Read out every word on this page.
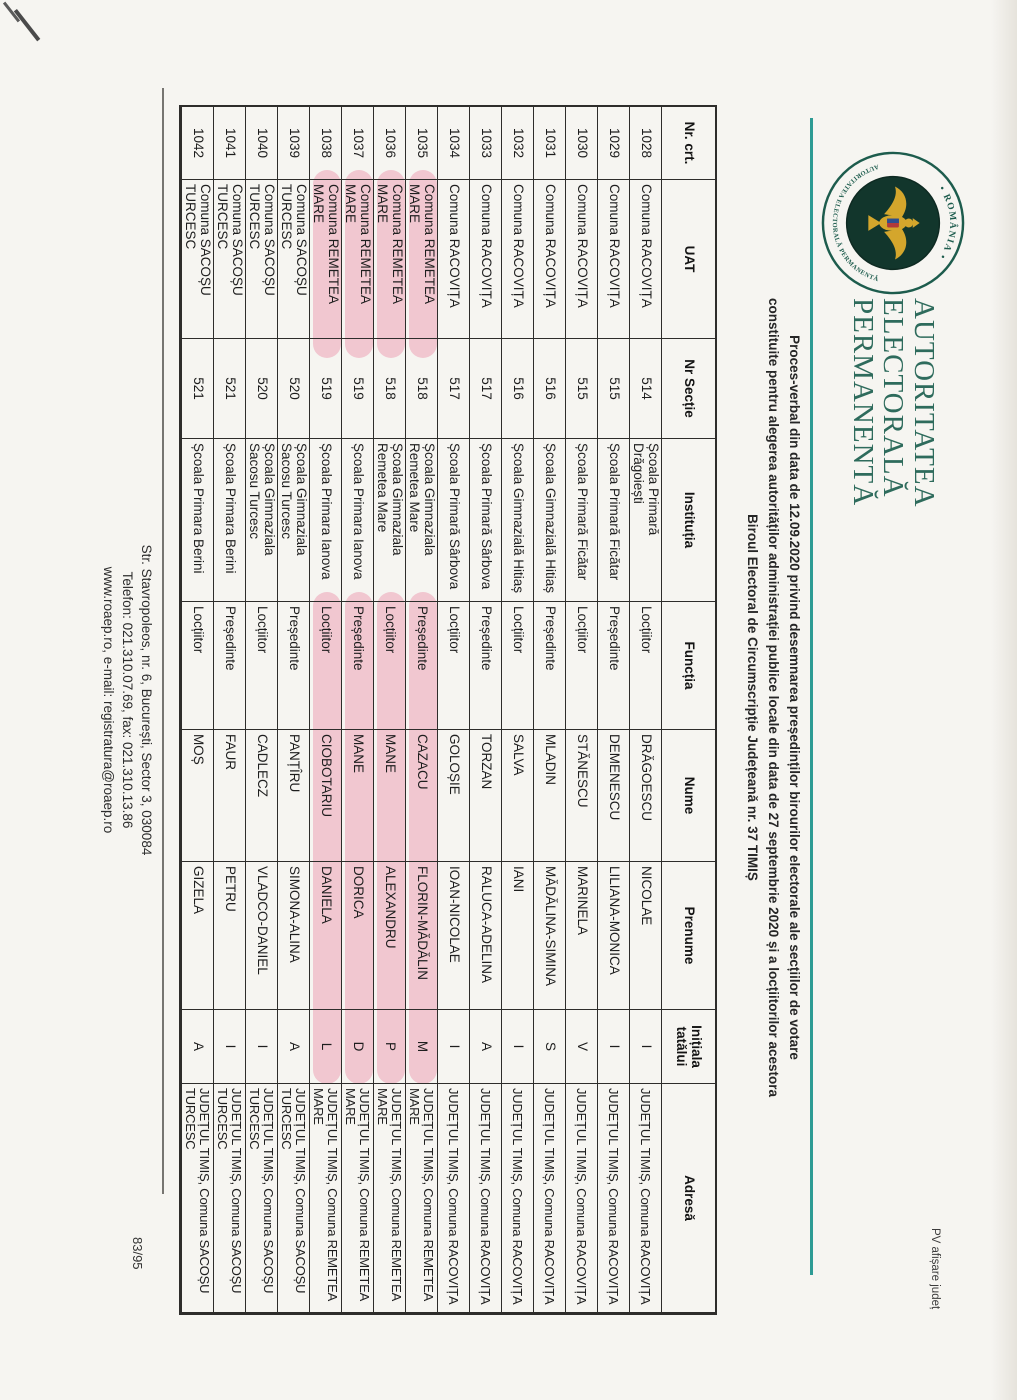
• ROMÂNIA •
AUTORITATEA ELECTORALĂ PERMANENTĂ
AUTORITATEA
ELECTORALĂ
PERMANENTĂ
PV afișare județ
Proces-verbal din data de 12.09.2020 privind desemnarea președinților birourilor electorale ale secțiilor de votare
constituite pentru alegerea autorităților administrației publice locale din data de 27 septembrie 2020 și a locțiitorilor acestora
Biroul Electoral de Circumscripție Județeană nr. 37 TIMIȘ
Nr. crt.
UAT
Nr Secție
Instituția
Funcția
Nume
Prenume
Inițiala tatălui
Adresă
1028
Comuna RACOVIȚA
514
Școala Primară Drăgoiești
Locțiitor
DRĂGOESCU
NICOLAE
I
JUDEȚUL TIMIȘ, Comuna RACOVIȚA
1029
Comuna RACOVIȚA
515
Școala Primară Ficătar
Președinte
DEMENESCU
LILIANA-MONICA
I
JUDEȚUL TIMIȘ, Comuna RACOVIȚA
1030
Comuna RACOVIȚA
515
Școala Primară Ficătar
Locțiitor
STĂNESCU
MARINELA
V
JUDEȚUL TIMIȘ, Comuna RACOVIȚA
1031
Comuna RACOVIȚA
516
Școala Gimnazială Hitiaș
Președinte
MLADIN
MĂDĂLINA-SIMINA
S
JUDEȚUL TIMIȘ, Comuna RACOVIȚA
1032
Comuna RACOVIȚA
516
Școala Gimnazială Hitiaș
Locțiitor
SALVA
IANI
I
JUDEȚUL TIMIȘ, Comuna RACOVIȚA
1033
Comuna RACOVIȚA
517
Școala Primară Sârbova
Președinte
TORZAN
RALUCA-ADELINA
A
JUDEȚUL TIMIȘ, Comuna RACOVIȚA
1034
Comuna RACOVIȚA
517
Școala Primară Sârbova
Locțiitor
GOLOȘIE
IOAN-NICOLAE
I
JUDEȚUL TIMIȘ, Comuna RACOVIȚA
1035
Comuna REMETEA MARE
518
Școala Gimnaziala Remetea Mare
Președinte
CAZACU
FLORIN-MĂDĂLIN
M
JUDEȚUL TIMIȘ, Comuna REMETEA MARE
1036
Comuna REMETEA MARE
518
Școala Gimnaziala Remetea Mare
Locțiitor
MANE
ALEXANDRU
P
JUDEȚUL TIMIȘ, Comuna REMETEA MARE
1037
Comuna REMETEA MARE
519
Școala Primara Ianova
Președinte
MANE
DORICA
D
JUDEȚUL TIMIȘ, Comuna REMETEA MARE
1038
Comuna REMETEA MARE
519
Școala Primara Ianova
Locțiitor
CIOBOTARIU
DANIELA
L
JUDEȚUL TIMIȘ, Comuna REMETEA MARE
1039
Comuna SACOȘU TURCESC
520
Școala Gimnaziala Sacosu Turcesc
Președinte
PANȚÎRU
SIMONA-ALINA
A
JUDEȚUL TIMIȘ, Comuna SACOȘU TURCESC
1040
Comuna SACOȘU TURCESC
520
Școala Gimnaziala Sacosu Turcesc
Locțiitor
CADLECZ
VLADCO-DANIEL
I
JUDEȚUL TIMIȘ, Comuna SACOȘU TURCESC
1041
Comuna SACOȘU TURCESC
521
Școala Primara Berini
Președinte
FAUR
PETRU
I
JUDEȚUL TIMIȘ, Comuna SACOȘU TURCESC
1042
Comuna SACOȘU TURCESC
521
Școala Primara Berini
Locțiitor
MOȘ
GIZELA
A
JUDEȚUL TIMIȘ, Comuna SACOȘU TURCESC
Str. Stavropoleos, nr. 6, București, Sector 3, 030084
Telefon: 021.310.07.69, fax: 021.310.13.86
www.roaep.ro, e-mail: registratura@roaep.ro
83/95
